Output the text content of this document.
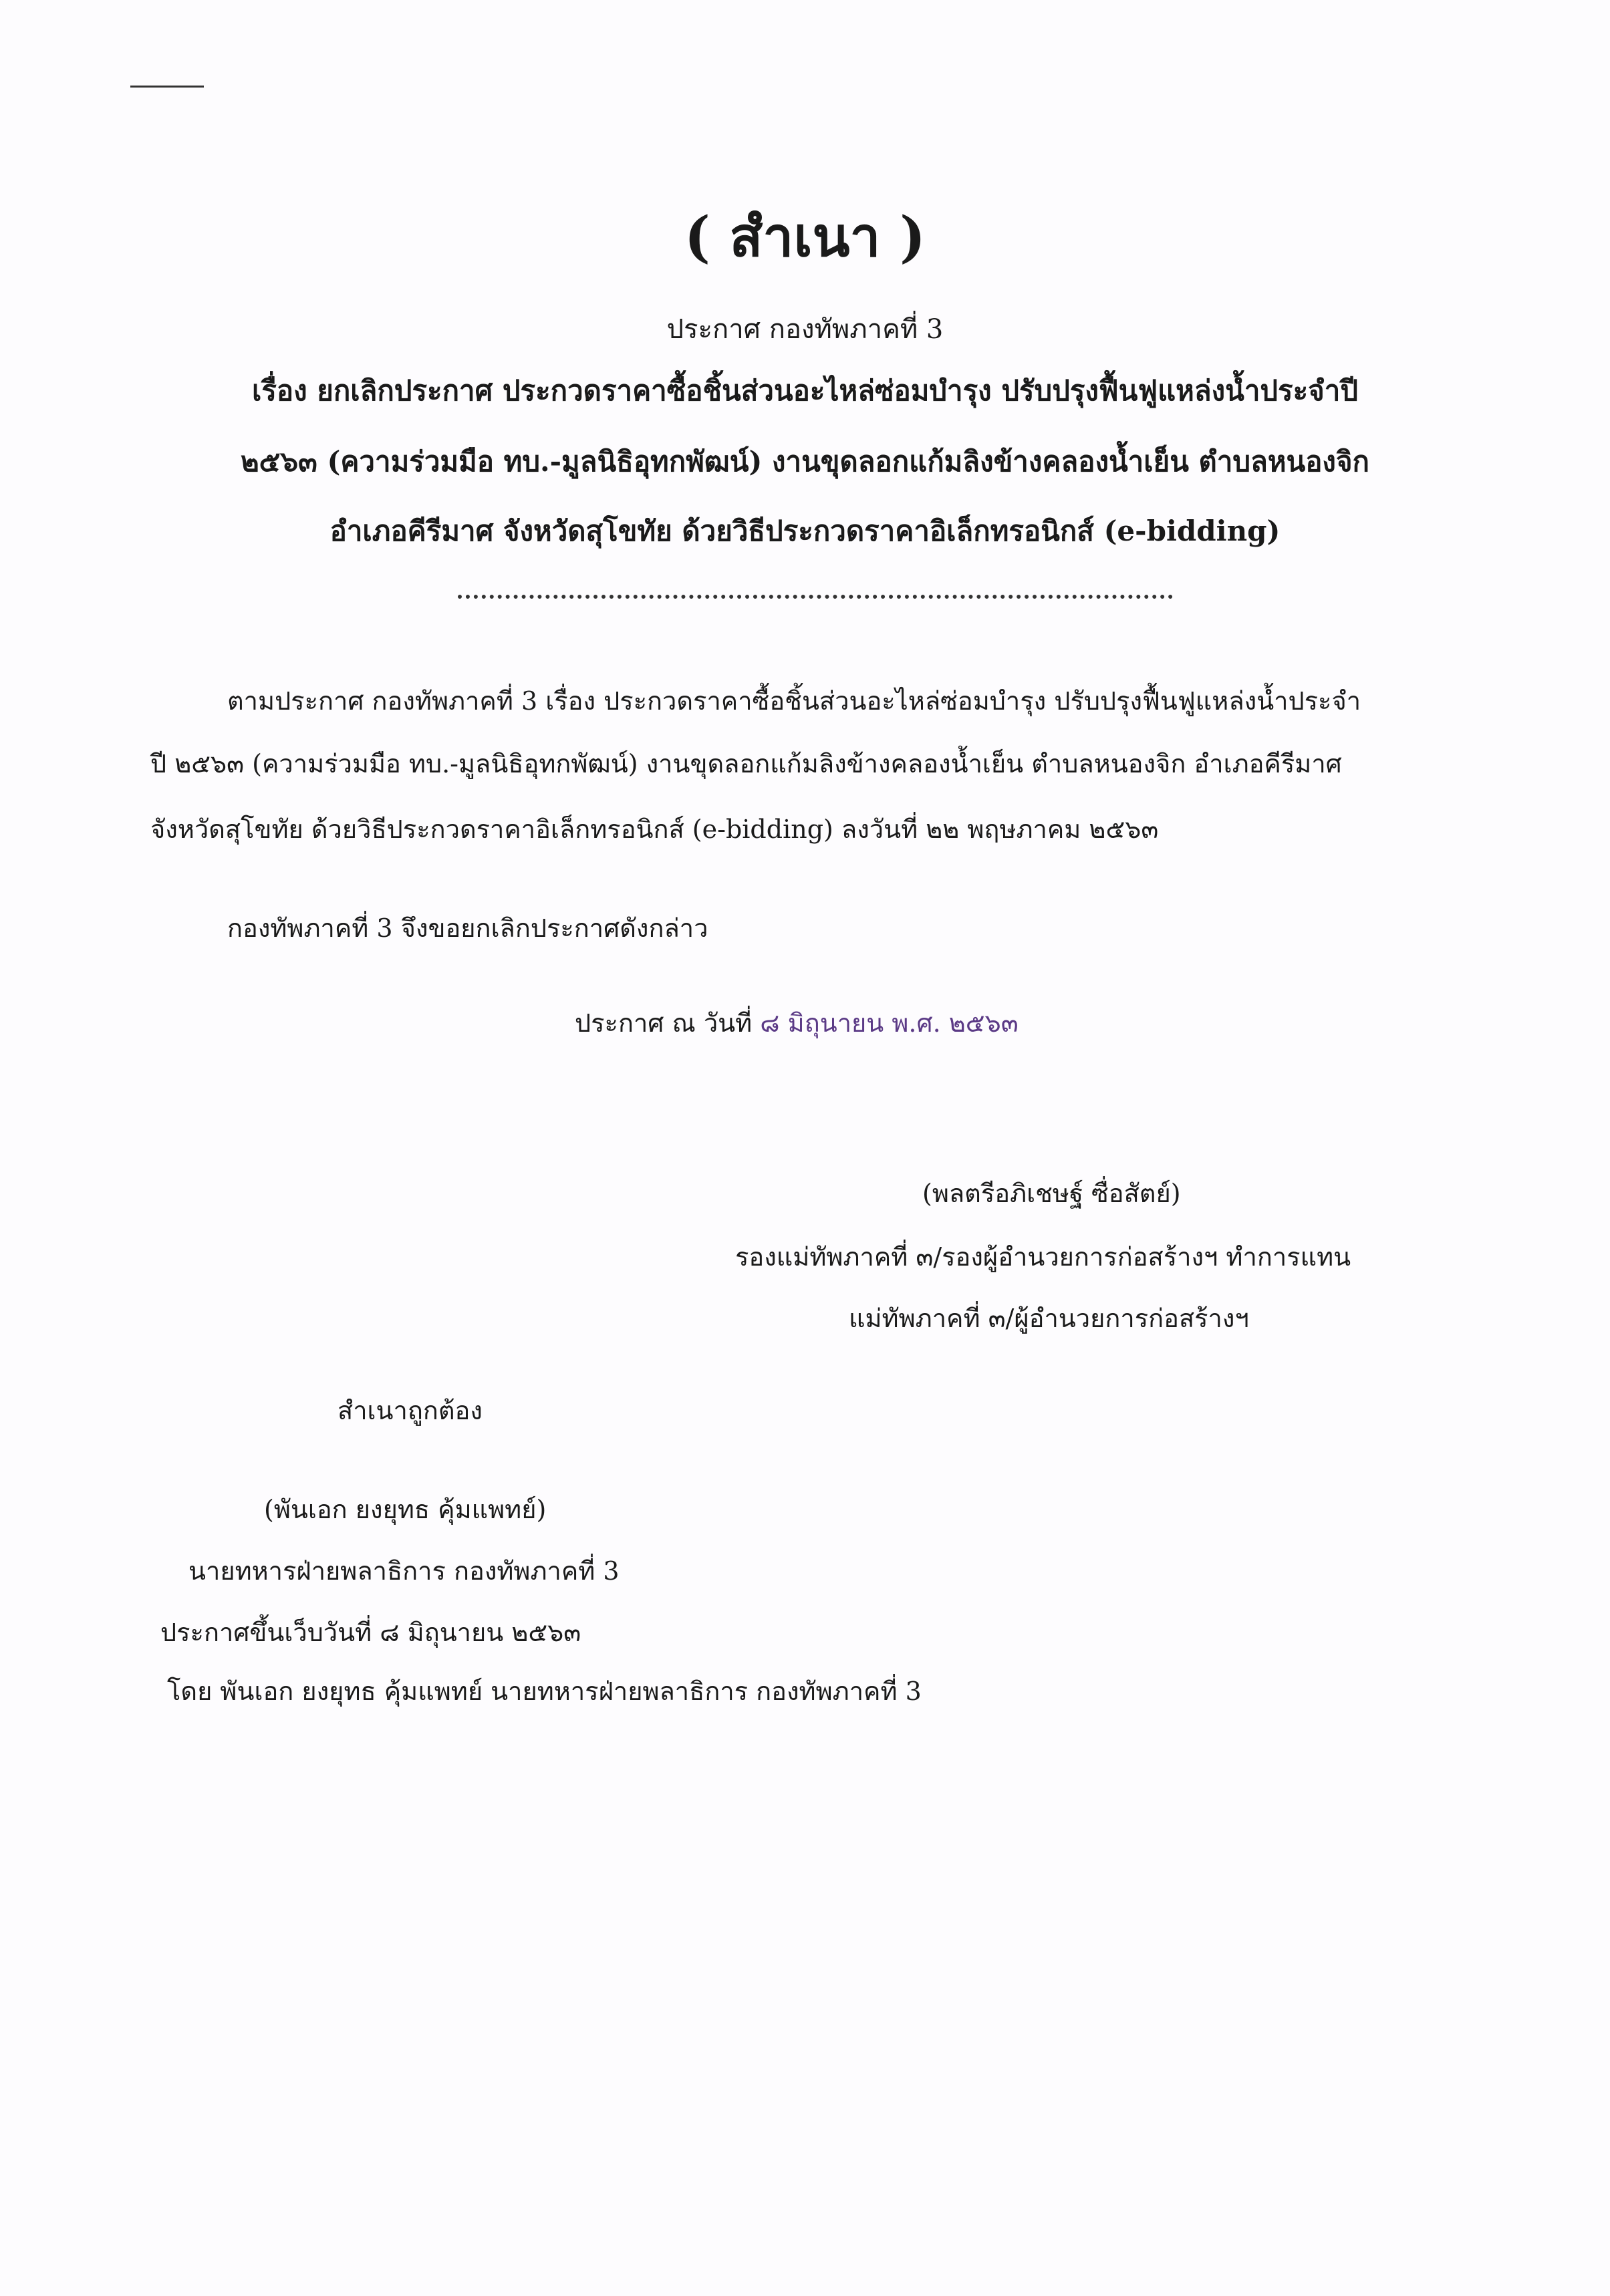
( สำเนา )
ประกาศ กองทัพภาคที่ 3
เรื่อง ยกเลิกประกาศ ประกวดราคาซื้อชิ้นส่วนอะไหล่ซ่อมบำรุง ปรับปรุงฟื้นฟูแหล่งน้ำประจำปี
๒๕๖๓ (ความร่วมมือ ทบ.-มูลนิธิอุทกพัฒน์) งานขุดลอกแก้มลิงข้างคลองน้ำเย็น ตำบลหนองจิก
อำเภอคีรีมาศ จังหวัดสุโขทัย ด้วยวิธีประกวดราคาอิเล็กทรอนิกส์ (e-bidding)
ตามประกาศ กองทัพภาคที่ 3 เรื่อง ประกวดราคาซื้อชิ้นส่วนอะไหล่ซ่อมบำรุง ปรับปรุงฟื้นฟูแหล่งน้ำประจำ
ปี ๒๕๖๓ (ความร่วมมือ ทบ.-มูลนิธิอุทกพัฒน์) งานขุดลอกแก้มลิงข้างคลองน้ำเย็น ตำบลหนองจิก อำเภอคีรีมาศ
จังหวัดสุโขทัย ด้วยวิธีประกวดราคาอิเล็กทรอนิกส์ (e-bidding) ลงวันที่ ๒๒ พฤษภาคม ๒๕๖๓
กองทัพภาคที่ 3 จึงขอยกเลิกประกาศดังกล่าว
ประกาศ ณ วันที่ ๘ มิถุนายน พ.ศ. ๒๕๖๓
(พลตรีอภิเชษฐ์ ซื่อสัตย์)
รองแม่ทัพภาคที่ ๓/รองผู้อำนวยการก่อสร้างฯ ทำการแทน
แม่ทัพภาคที่ ๓/ผู้อำนวยการก่อสร้างฯ
สำเนาถูกต้อง
(พันเอก ยงยุทธ คุ้มแพทย์)
นายทหารฝ่ายพลาธิการ กองทัพภาคที่ 3
ประกาศขึ้นเว็บวันที่ ๘ มิถุนายน ๒๕๖๓
โดย พันเอก ยงยุทธ คุ้มแพทย์ นายทหารฝ่ายพลาธิการ กองทัพภาคที่ 3
